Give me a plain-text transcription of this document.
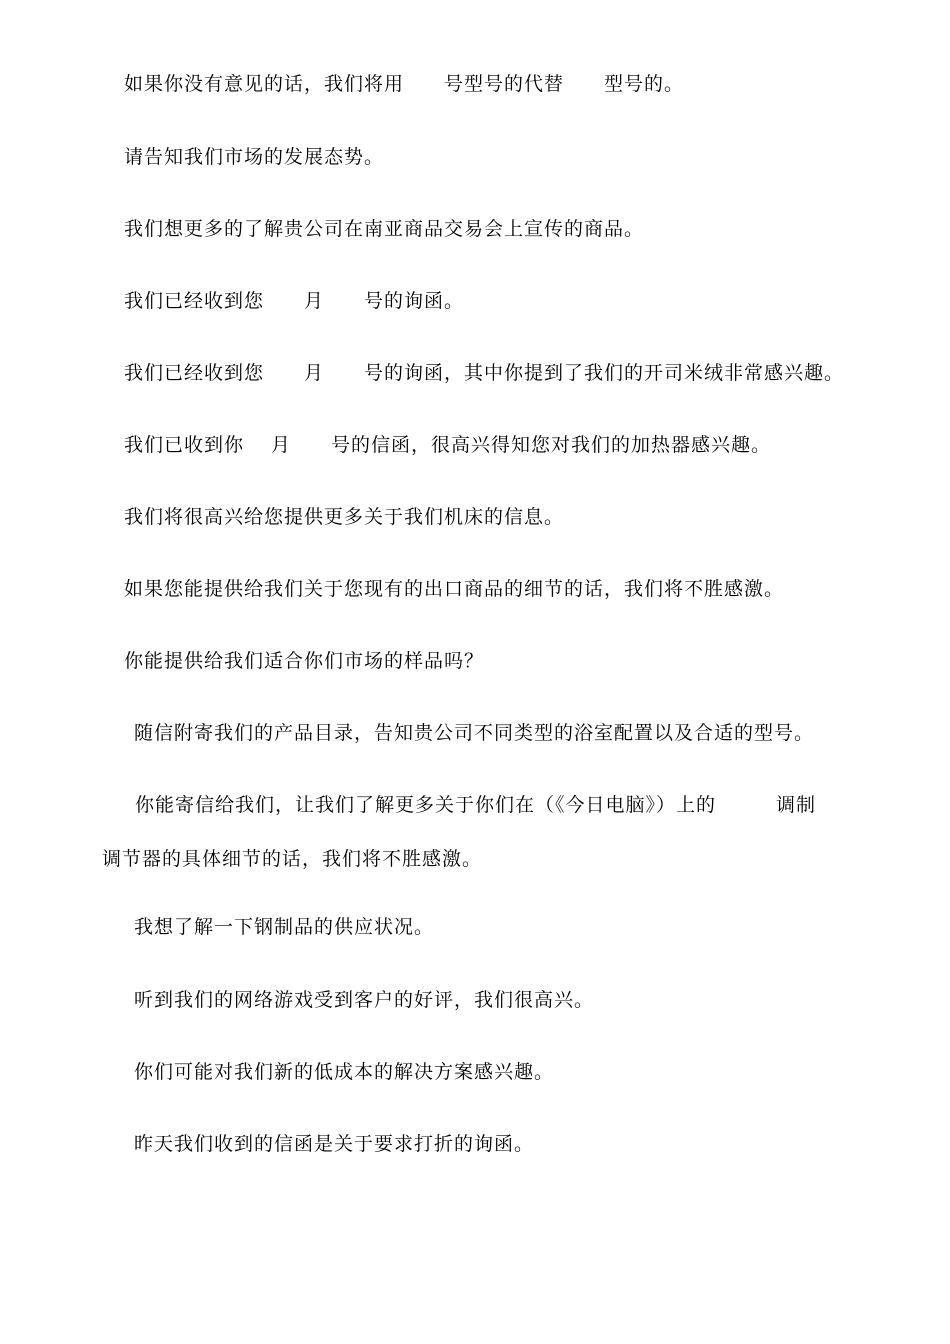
如果你没有意见的话，我们将用　　号型号的代替　　型号的。
请告知我们市场的发展态势。
我们想更多的了解贵公司在南亚商品交易会上宣传的商品。
我们已经收到您　　月　　号的询函。
我们已经收到您　　月　　号的询函，其中你提到了我们的开司米绒非常感兴趣。
我们已收到你　 月　　号的信函，很高兴得知您对我们的加热器感兴趣。
我们将很高兴给您提供更多关于我们机床的信息。
如果您能提供给我们关于您现有的出口商品的细节的话，我们将不胜感激。
你能提供给我们适合你们市场的样品吗？
随信附寄我们的产品目录，告知贵公司不同类型的浴室配置以及合适的型号。
你能寄信给我们，让我们了解更多关于你们在（《今日电脑》）上的　　　调制
调节器的具体细节的话，我们将不胜感激。
我想了解一下钢制品的供应状况。
听到我们的网络游戏受到客户的好评，我们很高兴。
你们可能对我们新的低成本的解决方案感兴趣。
昨天我们收到的信函是关于要求打折的询函。
